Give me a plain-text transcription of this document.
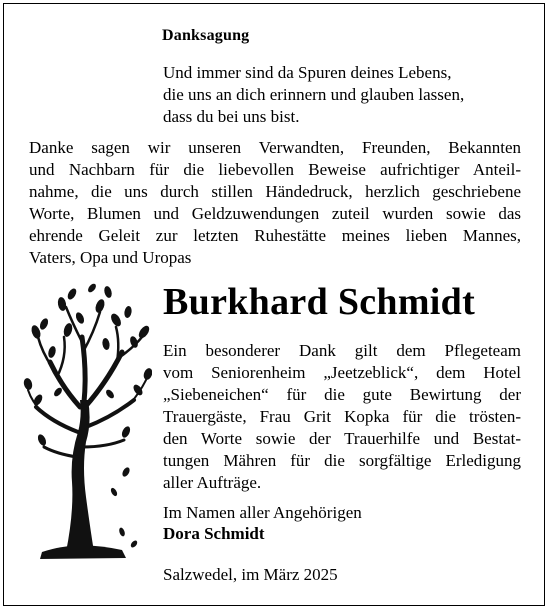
Danksagung
Und immer sind da Spuren deines Lebens,
die uns an dich erinnern und glauben lassen,
dass du bei uns bist.
Danke sagen wir unseren Verwandten, Freunden, Bekannten
und Nachbarn für die liebevollen Beweise aufrichtiger Anteil-
nahme, die uns durch stillen Händedruck, herzlich geschriebene
Worte, Blumen und Geldzuwendungen zuteil wurden sowie das
ehrende Geleit zur letzten Ruhestätte meines lieben Mannes,
Vaters, Opa und Uropas
Burkhard Schmidt
Ein besonderer Dank gilt dem Pflegeteam
vom Seniorenheim „Jeetzeblick“, dem Hotel
„Siebeneichen“ für die gute Bewirtung der
Trauergäste, Frau Grit Kopka für die trösten-
den Worte sowie der Trauerhilfe und Bestat-
tungen Mähren für die sorgfältige Erledigung
aller Aufträge.
Im Namen aller Angehörigen
Dora Schmidt
Salzwedel, im März 2025
